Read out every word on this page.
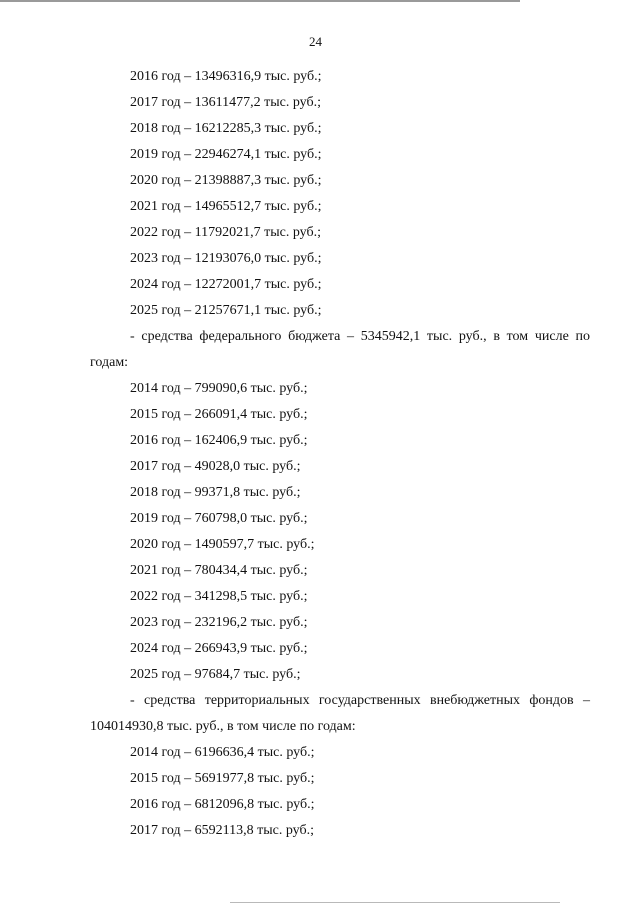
24
2016 год – 13496316,9 тыс. руб.;
2017 год – 13611477,2 тыс. руб.;
2018 год – 16212285,3 тыс. руб.;
2019 год – 22946274,1 тыс. руб.;
2020 год – 21398887,3 тыс. руб.;
2021 год – 14965512,7 тыс. руб.;
2022 год – 11792021,7 тыс. руб.;
2023 год – 12193076,0 тыс. руб.;
2024 год – 12272001,7 тыс. руб.;
2025 год – 21257671,1 тыс. руб.;
- средства федерального бюджета – 5345942,1 тыс. руб., в том числе по
годам:
2014 год – 799090,6 тыс. руб.;
2015 год – 266091,4 тыс. руб.;
2016 год – 162406,9 тыс. руб.;
2017 год – 49028,0 тыс. руб.;
2018 год – 99371,8 тыс. руб.;
2019 год – 760798,0 тыс. руб.;
2020 год – 1490597,7 тыс. руб.;
2021 год – 780434,4 тыс. руб.;
2022 год – 341298,5 тыс. руб.;
2023 год – 232196,2 тыс. руб.;
2024 год – 266943,9 тыс. руб.;
2025 год – 97684,7 тыс. руб.;
- средства территориальных государственных внебюджетных фондов –
104014930,8 тыс. руб., в том числе по годам:
2014 год – 6196636,4 тыс. руб.;
2015 год – 5691977,8 тыс. руб.;
2016 год – 6812096,8 тыс. руб.;
2017 год – 6592113,8 тыс. руб.;
